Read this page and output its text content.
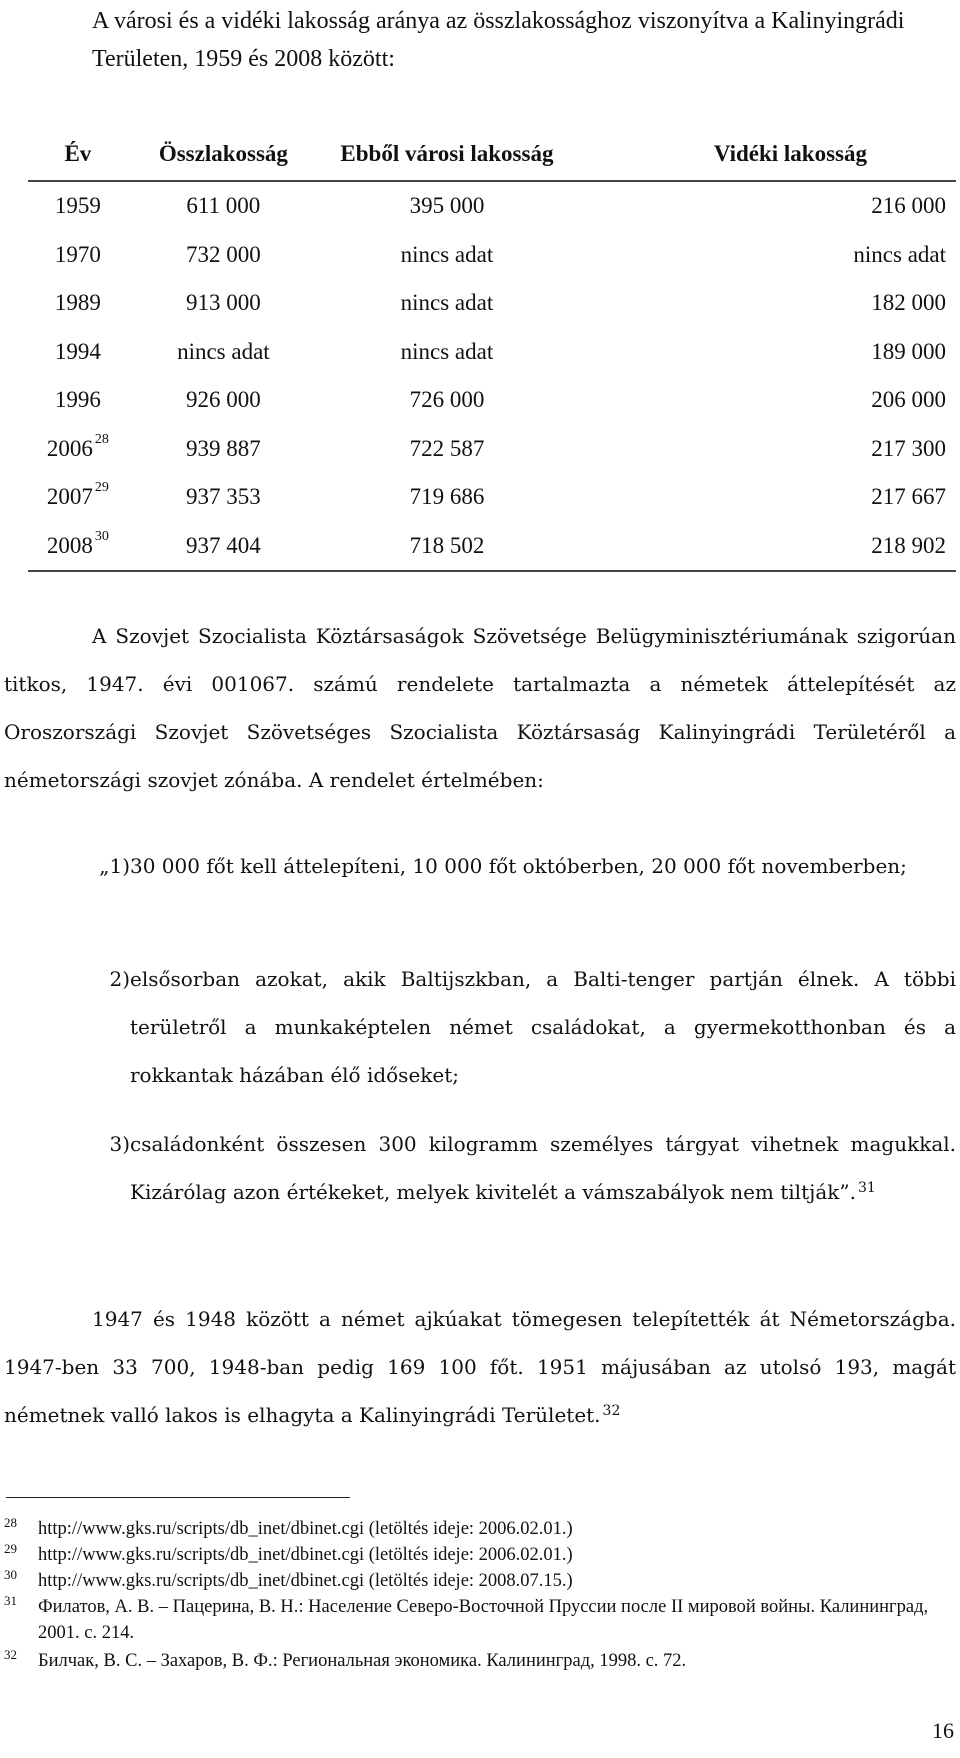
A városi és a vidéki lakosság aránya az összlakossághoz viszonyítva a Kalinyingrádi Területen, 1959 és 2008 között:
Év	Összlakosság	Ebből városi lakosság	Vidéki lakosság
1959	611 000	395 000	216 000
1970	732 000	nincs adat	nincs adat
1989	913 000	nincs adat	182 000
1994	nincs adat	nincs adat	189 000
1996	926 000	726 000	206 000
2006 $^{28}$	939 887	722 587	217 300
2007 $^{29}$	937 353	719 686	217 667
2008 $^{30}$	937 404	718 502	218 902
A Szovjet Szocialista Köztársaságok Szövetsége Belügyminisztériumának szigorúan titkos, 1947. évi 001067. számú rendelete tartalmazta a németek áttelepítését az Oroszországi Szovjet Szövetséges Szocialista Köztársaság Kalinyingrádi Területéről a németországi szovjet zónába. A rendelet értelmében:
„1) 30 000 főt kell áttelepíteni, 10 000 főt októberben, 20 000 főt novemberben;
2) elsősorban azokat, akik Baltijszkban, a Balti-tenger partján élnek. A többi területről a munkaképtelen német családokat, a gyermekotthonban és a rokkantak házában élő időseket;
3) családonként összesen 300 kilogramm személyes tárgyat vihetnek magukkal. Kizárólag azon értékeket, melyek kivitelét a vámszabályok nem tiltják”. $^{31}$
1947 és 1948 között a német ajkúakat tömegesen telepítették át Németországba. 1947-ben 33 700, 1948-ban pedig 169 100 főt. 1951 májusában az utolsó 193, magát németnek valló lakos is elhagyta a Kalinyingrádi Területet. $^{32}$
28 http://www.gks.ru/scripts/db_inet/dbinet.cgi (letöltés ideje: 2006.02.01.)
29 http://www.gks.ru/scripts/db_inet/dbinet.cgi (letöltés ideje: 2006.02.01.)
30 http://www.gks.ru/scripts/db_inet/dbinet.cgi (letöltés ideje: 2008.07.15.)
31 Филатов, А. В. – Пацерина, В. Н.: Население Северо-Восточной Пруссии после II мировой войны. Калининград, 2001. c. 214.
32 Билчак, В. С. – Захаров, В. Ф.: Региональная экономика. Калининград, 1998. c. 72.
16
